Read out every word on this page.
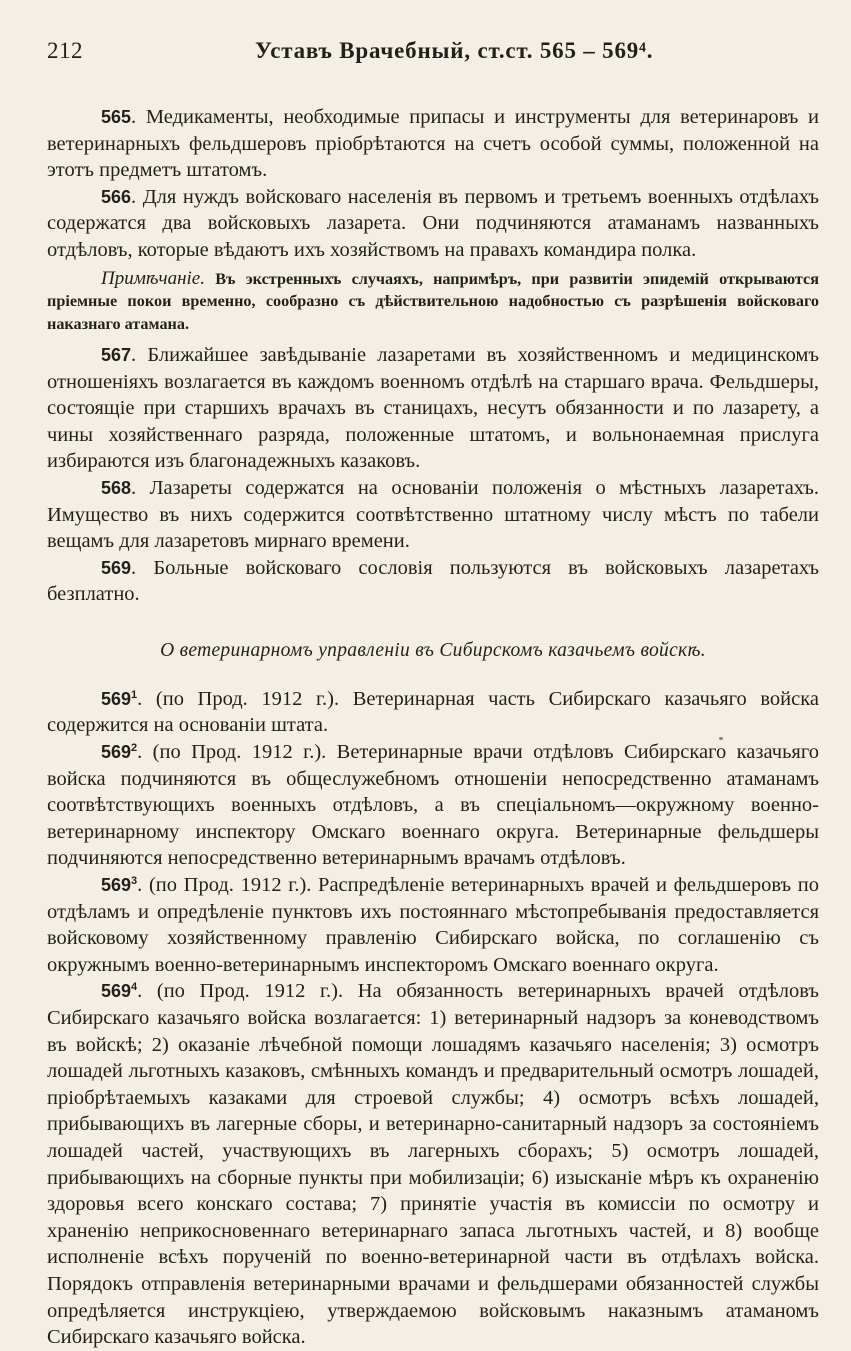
212	Уставъ Врачебный, ст.ст. 565 – 569⁴.

565. Медикаменты, необходимые припасы и инструменты для ветеринаровъ и ветеринарныхъ фельдшеровъ пріобрѣтаются на счетъ особой суммы, положенной на этотъ предметъ штатомъ.

566. Для нуждъ войсковаго населенія въ первомъ и третьемъ военныхъ отдѣлахъ содержатся два войсковыхъ лазарета. Они подчиняются атаманамъ названныхъ отдѣловъ, которые вѣдаютъ ихъ хозяйствомъ на правахъ командира полка.

Примѣчаніе. Въ экстренныхъ случаяхъ, напримѣръ, при развитіи эпидемій открываются пріемные покои временно, сообразно съ дѣйствительною надобностью съ разрѣшенія войсковаго наказнаго атамана.

567. Ближайшее завѣдываніе лазаретами въ хозяйственномъ и медицинскомъ отношеніяхъ возлагается въ каждомъ военномъ отдѣлѣ на старшаго врача. Фельдшеры, состоящіе при старшихъ врачахъ въ станицахъ, несутъ обязанности и по лазарету, а чины хозяйственнаго разряда, положенные штатомъ, и вольнонаемная прислуга избираются изъ благонадежныхъ казаковъ.

568. Лазареты содержатся на основаніи положенія о мѣстныхъ лазаретахъ. Имущество въ нихъ содержится соотвѣтственно штатному числу мѣстъ по табели вещамъ для лазаретовъ мирнаго времени.

569. Больные войсковаго сословія пользуются въ войсковыхъ лазаретахъ безплатно.

О ветеринарномъ управленіи въ Сибирскомъ казачьемъ войскѣ.

$569^1$. (по Прод. 1912 г.). Ветеринарная часть Сибирскаго казачьяго войска содержится на основаніи штата.

$569^2$. (по Прод. 1912 г.). Ветеринарные врачи отдѣловъ Сибирскаго казачьяго войска подчиняются въ общеслужебномъ отношеніи непосредственно атаманамъ соотвѣтствующихъ военныхъ отдѣловъ, а въ спеціальномъ—окружному военно-ветеринарному инспектору Омскаго военнаго округа. Ветеринарные фельдшеры подчиняются непосредственно ветеринарнымъ врачамъ отдѣловъ.

$569^3$. (по Прод. 1912 г.). Распредѣленіе ветеринарныхъ врачей и фельдшеровъ по отдѣламъ и опредѣленіе пунктовъ ихъ постояннаго мѣстопребыванія предоставляется войсковому хозяйственному правленію Сибирскаго войска, по соглашенію съ окружнымъ военно-ветеринарнымъ инспекторомъ Омскаго военнаго округа.

$569^4$. (по Прод. 1912 г.). На обязанность ветеринарныхъ врачей отдѣловъ Сибирскаго казачьяго войска возлагается: 1) ветеринарный надзоръ за коневодствомъ въ войскѣ; 2) оказаніе лѣчебной помощи лошадямъ казачьяго населенія; 3) осмотръ лошадей льготныхъ казаковъ, смѣнныхъ командъ и предварительный осмотръ лошадей, пріобрѣтаемыхъ казаками для строевой службы; 4) осмотръ всѣхъ лошадей, прибывающихъ въ лагерные сборы, и ветеринарно-санитарный надзоръ за состояніемъ лошадей частей, участвующихъ въ лагерныхъ сборахъ; 5) осмотръ лошадей, прибывающихъ на сборные пункты при мобилизаціи; 6) изысканіе мѣръ къ охраненію здоровья всего конскаго состава; 7) принятіе участія въ комиссіи по осмотру и храненію неприкосновеннаго ветеринарнаго запаса льготныхъ частей, и 8) вообще исполненіе всѣхъ порученій по военно-ветеринарной части въ отдѣлахъ войска. Порядокъ отправленія ветеринарными врачами и фельдшерами обязанностей службы опредѣляется инструкціею, утверждаемою войсковымъ наказнымъ атаманомъ Сибирскаго казачьяго войска.
